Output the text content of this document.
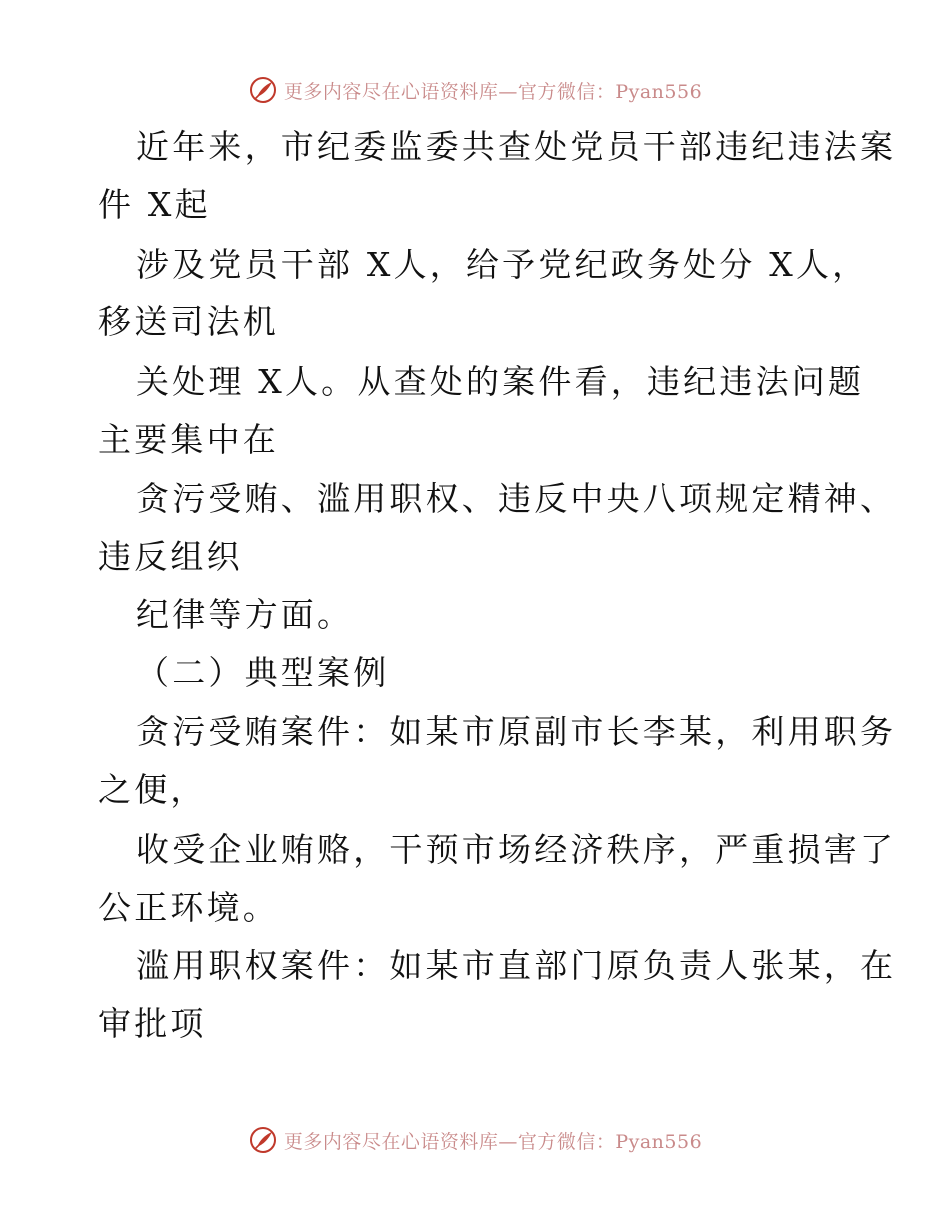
更多内容尽在心语资料库—官方微信：Pyan556
近年来，市纪委监委共查处党员干部违纪违法案
件 X起
涉及党员干部 X人，给予党纪政务处分 X人，
移送司法机
关处理 X人。从查处的案件看，违纪违法问题
主要集中在
贪污受贿、滥用职权、违反中央八项规定精神、
违反组织
纪律等方面。
（二）典型案例
贪污受贿案件：如某市原副市长李某，利用职务
之便，
收受企业贿赂，干预市场经济秩序，严重损害了
公正环境。
滥用职权案件：如某市直部门原负责人张某，在
审批项
更多内容尽在心语资料库—官方微信：Pyan556
